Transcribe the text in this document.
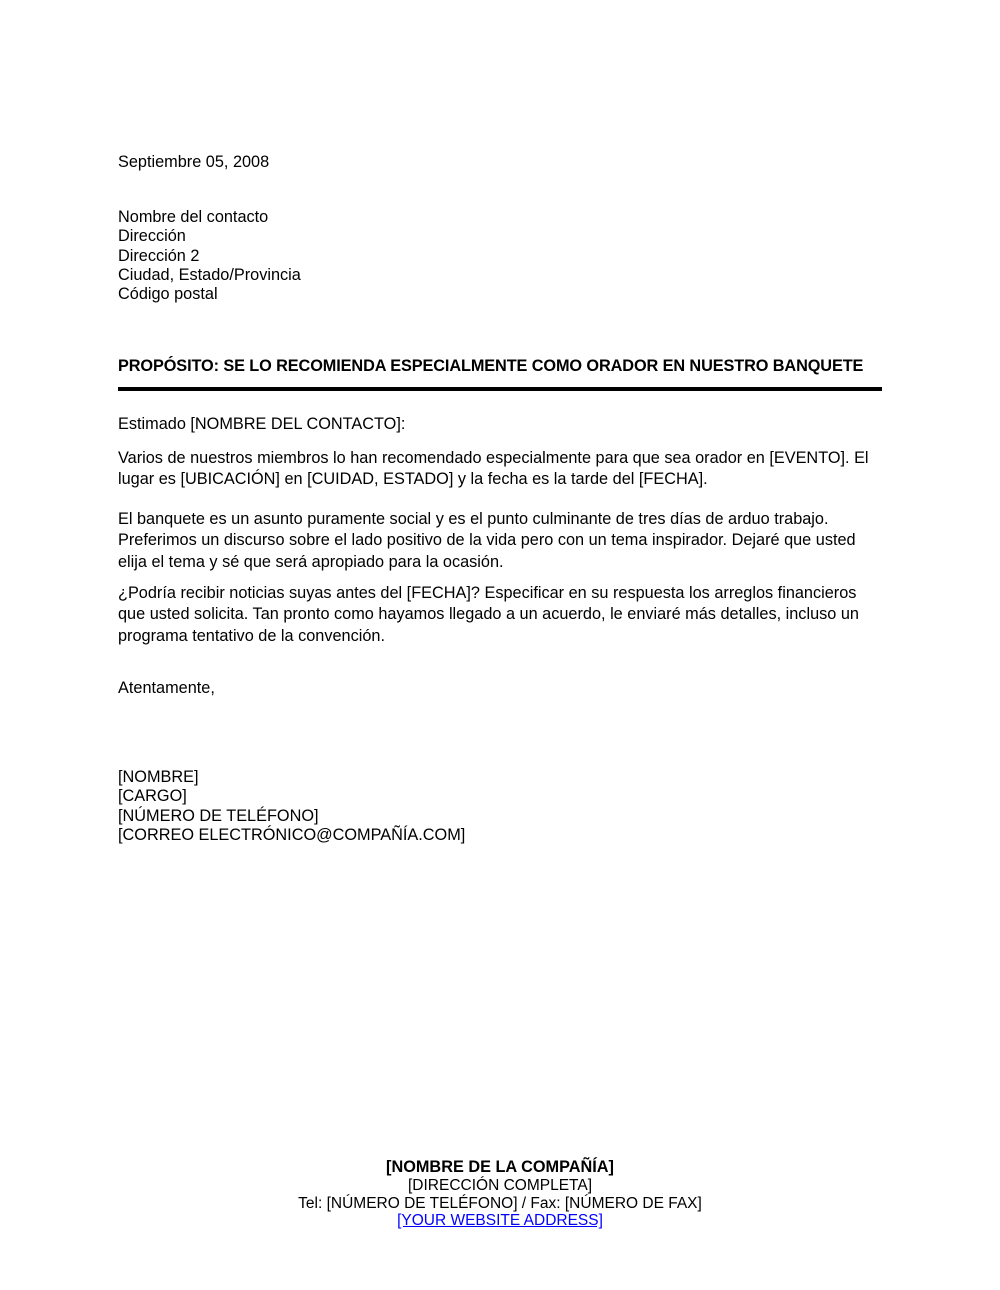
Septiembre 05, 2008
Nombre del contacto
Dirección
Dirección 2
Ciudad, Estado/Provincia
Código postal
PROPÓSITO: SE LO RECOMIENDA ESPECIALMENTE COMO ORADOR EN NUESTRO BANQUETE
Estimado [NOMBRE DEL CONTACTO]:
Varios de nuestros miembros lo han recomendado especialmente para que sea orador en [EVENTO]. El lugar es [UBICACIÓN] en [CUIDAD, ESTADO] y la fecha es la tarde del [FECHA].
El banquete es un asunto puramente social y es el punto culminante de tres días de arduo trabajo. Preferimos un discurso sobre el lado positivo de la vida pero con un tema inspirador. Dejaré que usted elija el tema y sé que será apropiado para la ocasión.
¿Podría recibir noticias suyas antes del [FECHA]? Especificar en su respuesta los arreglos financieros que usted solicita. Tan pronto como hayamos llegado a un acuerdo, le enviaré más detalles, incluso un programa tentativo de la convención.
Atentamente,
[NOMBRE]
[CARGO]
[NÚMERO DE TELÉFONO]
[CORREO ELECTRÓNICO@COMPAÑÍA.COM]
[NOMBRE DE LA COMPAÑÍA]
[DIRECCIÓN COMPLETA]
Tel: [NÚMERO DE TELÉFONO] / Fax: [NÚMERO DE FAX]
[YOUR WEBSITE ADDRESS]
